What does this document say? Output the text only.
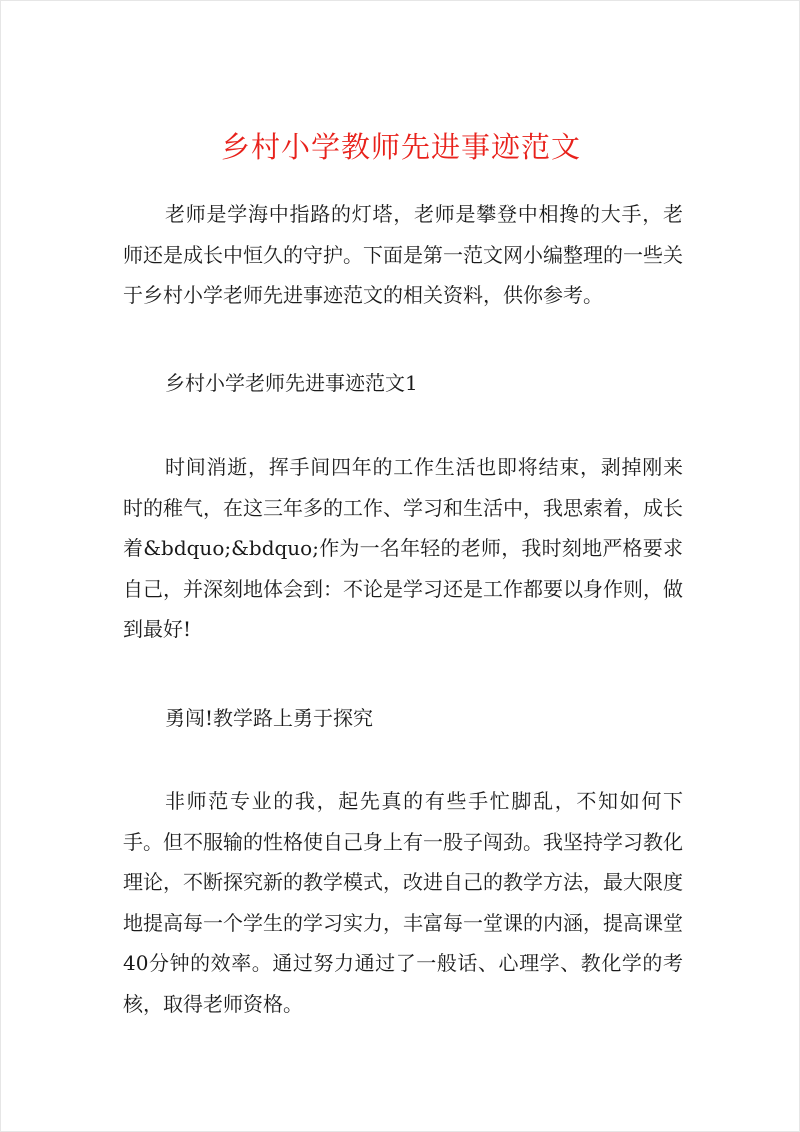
乡村小学教师先进事迹范文
老师是学海中指路的灯塔，老师是攀登中相搀的大手，老师还是成长中恒久的守护。下面是第一范文网小编整理的一些关于乡村小学老师先进事迹范文的相关资料，供你参考。
乡村小学老师先进事迹范文1
时间消逝，挥手间四年的工作生活也即将结束，剥掉刚来时的稚气，在这三年多的工作、学习和生活中，我思索着，成长着&bdquo;&bdquo;作为一名年轻的老师，我时刻地严格要求自己，并深刻地体会到：不论是学习还是工作都要以身作则，做到最好!
勇闯!教学路上勇于探究
非师范专业的我，起先真的有些手忙脚乱，不知如何下手。但不服输的性格使自己身上有一股子闯劲。我坚持学习教化理论，不断探究新的教学模式，改进自己的教学方法，最大限度地提高每一个学生的学习实力，丰富每一堂课的内涵，提高课堂40分钟的效率。通过努力通过了一般话、心理学、教化学的考核，取得老师资格。
